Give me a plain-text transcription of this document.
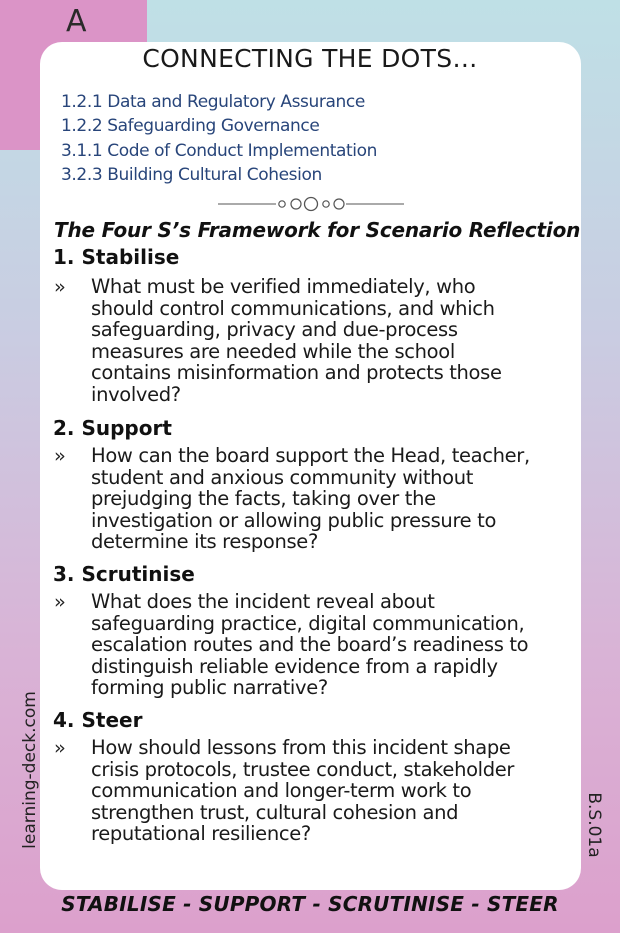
A
CONNECTING THE DOTS…
1.2.1 Data and Regulatory Assurance
1.2.2 Safeguarding Governance
3.1.1 Code of Conduct Implementation
3.2.3 Building Cultural Cohesion
The Four S’s Framework for Scenario Reflection
1. Stabilise
» What must be verified immediately, who
should control communications, and which
safeguarding, privacy and due-process
measures are needed while the school
contains misinformation and protects those
involved?
2. Support
» How can the board support the Head, teacher,
student and anxious community without
prejudging the facts, taking over the
investigation or allowing public pressure to
determine its response?
3. Scrutinise
» What does the incident reveal about
safeguarding practice, digital communication,
escalation routes and the board’s readiness to
distinguish reliable evidence from a rapidly
forming public narrative?
4. Steer
» How should lessons from this incident shape
crisis protocols, trustee conduct, stakeholder
communication and longer-term work to
strengthen trust, cultural cohesion and
reputational resilience?
learning-deck.com	B.S.01a
STABILISE - SUPPORT - SCRUTINISE - STEER
